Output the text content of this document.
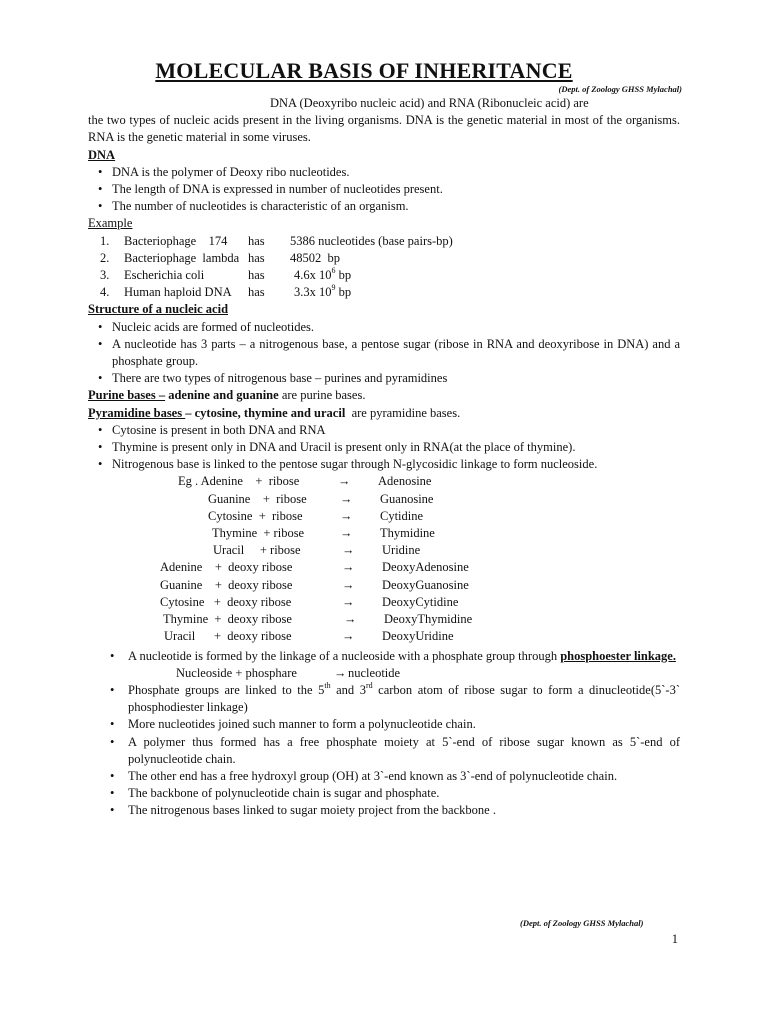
MOLECULAR BASIS OF INHERITANCE
(Dept. of Zoology GHSS Mylachal)
DNA (Deoxyribo nucleic acid) and RNA (Ribonucleic acid) are
the two types of nucleic acids present in the living organisms. DNA is the genetic material in most of the organisms. RNA is the genetic material in some viruses.
DNA
• DNA is the polymer of Deoxy ribo nucleotides.
• The length of DNA is expressed in number of nucleotides present.
• The number of nucleotides is characteristic of an organism.
Example
1.	Bacteriophage    174	has	5386 nucleotides (base pairs-bp)
2.	Bacteriophage  lambda has	48502  bp
3.	Escherichia coli	has	4.6x $10^6$ bp
4.	Human haploid DNA	has	3.3x $10^9$ bp
Structure of a nucleic acid
• Nucleic acids are formed of nucleotides.
• A nucleotide has 3 parts – a nitrogenous base, a pentose sugar (ribose in RNA and deoxyribose in DNA) and a phosphate group.
• There are two types of nitrogenous base – purines and pyramidines
Purine bases – adenine and guanine are purine bases.
Pyramidine bases – cytosine, thymine and uracil  are pyramidine bases.
• Cytosine is present in both DNA and RNA
• Thymine is present only in DNA and Uracil is present only in RNA(at the place of thymine).
• Nitrogenous base is linked to the pentose sugar through N-glycosidic linkage to form nucleoside.
Eg . Adenine    +  ribose	→	Adenosine
Guanine    +  ribose	→	Guanosine
Cytosine  +  ribose	→	Cytidine
Thymine  + ribose	→	Thymidine
Uracil     + ribose	→	Uridine
Adenine    +  deoxy ribose	→	DeoxyAdenosine
Guanine    +  deoxy ribose	→	DeoxyGuanosine
Cytosine   +  deoxy ribose	→	DeoxyCytidine
Thymine  +  deoxy ribose	→	DeoxyThymidine
Uracil      +  deoxy ribose	→	DeoxyUridine
• A nucleotide is formed by the linkage of a nucleoside with a phosphate group through phosphoester linkage.
Nucleoside + phosphare	→ nucleotide
• Phosphate groups are linked to the 5th and 3rd carbon atom of ribose sugar to form a dinucleotide(5`-3` phosphodiester linkage)
• More nucleotides joined such manner to form a polynucleotide chain.
• A polymer thus formed has a free phosphate moiety at 5`-end of ribose sugar known as 5`-end of polynucleotide chain.
• The other end has a free hydroxyl group (OH) at 3`-end known as 3`-end of polynucleotide chain.
• The backbone of polynucleotide chain is sugar and phosphate.
• The nitrogenous bases linked to sugar moiety project from the backbone .
(Dept. of Zoology GHSS Mylachal)
1
